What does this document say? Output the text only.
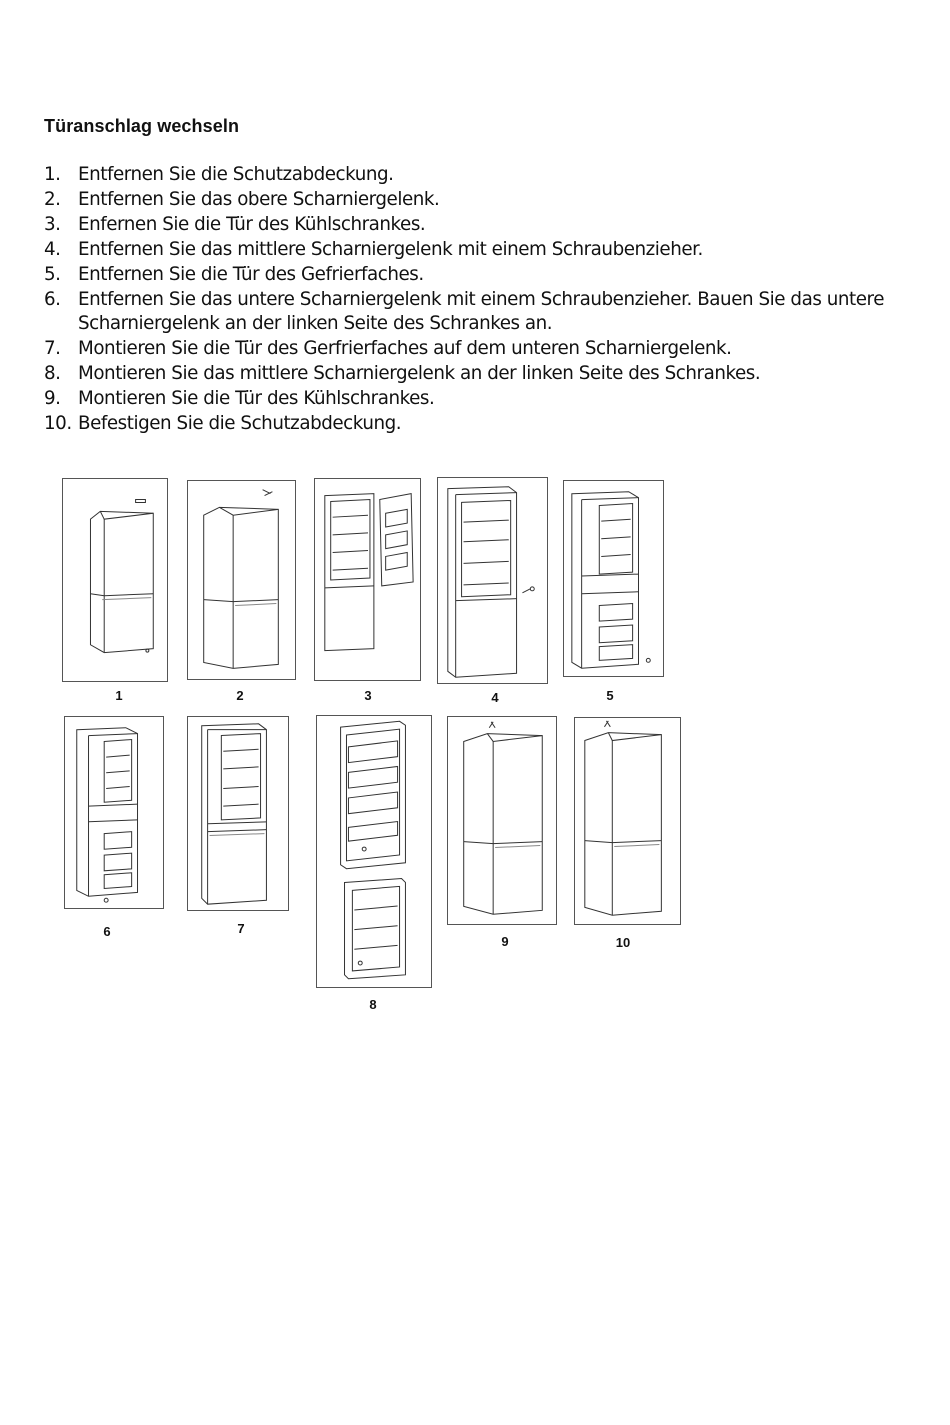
Türanschlag wechseln
1. Entfernen Sie die Schutzabdeckung.
2. Entfernen Sie das obere Scharniergelenk.
3. Enfernen Sie die Tür des Kühlschrankes.
4. Entfernen Sie das mittlere Scharniergelenk mit einem Schraubenzieher.
5. Entfernen Sie die Tür des Gefrierfaches.
6. Entfernen Sie das untere Scharniergelenk mit einem Schraubenzieher. Bauen Sie das untere Scharniergelenk an der linken Seite des Schrankes an.
7. Montieren Sie die Tür des Gerfrierfaches auf dem unteren Scharniergelenk.
8. Montieren Sie das mittlere Scharniergelenk an der linken Seite des Schrankes.
9. Montieren Sie die Tür des Kühlschrankes.
10. Befestigen Sie die Schutzabdeckung.
1	2	3	4	5
6	7
8
9	10
